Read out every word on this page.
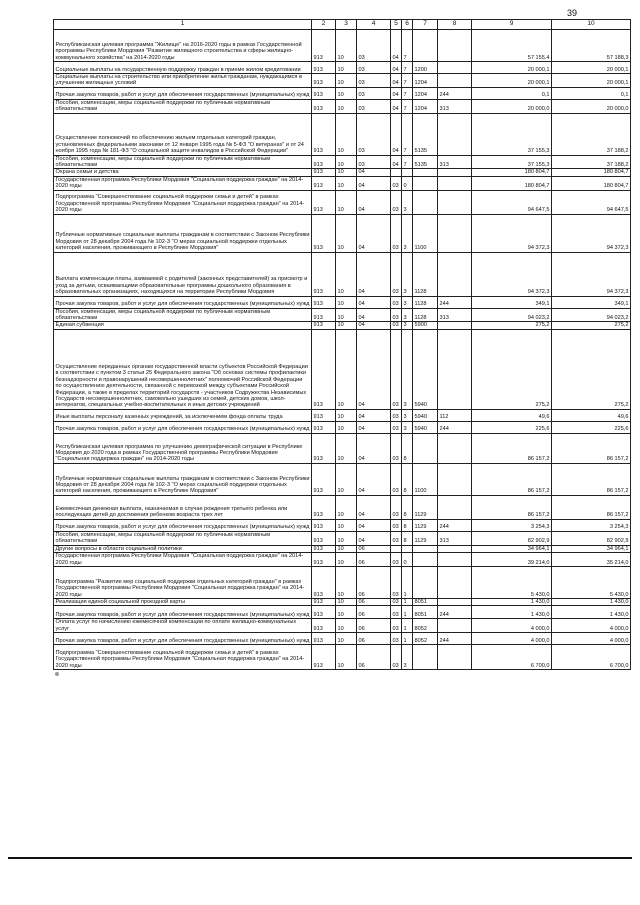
39
1	2	3	4	5	6	7	8	9	10
Республиканская целевая программа "Жилище" на 2016-2020 годы в рамках Государственной программы Республики Мордовия "Развитие жилищного строительства и сферы жилищно-коммунального хозяйства" на 2014-2020 годы	913	10	03	04	7			57 155,4	57 188,3
Социальные выплаты на государственную поддержку граждан в приеме жилом кредитовании	913	10	03	04	7	1200		20 000,1	20 000,1
Социальные выплаты на строительство или приобретение жилья гражданам, нуждающимся в улучшении жилищных условий	913	10	03	04	7	1204		20 000,1	20 000,1
Прочая закупка товаров, работ и услуг для обеспечения государственных (муниципальных) нужд	913	10	03	04	7	1204	244	0,1	0,1
Пособия, компенсации, меры социальной поддержки по публичным нормативным обязательствам	913	10	03	04	7	1204	313	20 000,0	20 000,0
Осуществление полномочий по обеспечению жильем отдельных категорий граждан, установленных федеральными законами от 12 января 1995 года № 5-ФЗ "О ветеранах" и от 24 ноября 1995 года № 181-ФЗ "О социальной защите инвалидов в Российской Федерации"	913	10	03	04	7	5135		37 155,3	37 188,2
Пособия, компенсации, меры социальной поддержки по публичным нормативным обязательствам	913	10	03	04	7	5135	313	37 155,3	37 188,2
Охрана семьи и детства	913	10	04					180 804,7	180 804,7
Государственная программа Республики Мордовия "Социальная поддержка граждан" на 2014-2020 годы	913	10	04	03	0			180 804,7	180 804,7
Подпрограмма "Совершенствование социальной поддержки семьи и детей" в рамках Государственной программы Республики Мордовия "Социальная поддержка граждан" на 2014-2020 годы	913	10	04	03	3			94 647,5	94 647,5
Публичные нормативные социальные выплаты гражданам в соответствии с Законом Республики Мордовия от 28 декабря 2004 года № 102-З "О мерах социальной поддержки отдельных категорий населения, проживающего в Республике Мордовия"	913	10	04	03	3	1100		94 372,3	94 372,3
Выплата компенсации платы, взимаемой с родителей (законных представителей) за присмотр и уход за детьми, осваивающими образовательные программы дошкольного образования в образовательных организациях, находящихся на территории Республики Мордовия	913	10	04	03	3	1128		94 372,3	94 372,3
Прочая закупка товаров, работ и услуг для обеспечения государственных (муниципальных) нужд	913	10	04	03	3	1128	244	349,1	349,1
Пособия, компенсации, меры социальной поддержки по публичным нормативным обязательствам	913	10	04	03	3	1128	313	94 023,2	94 023,2
Единая субвенция	913	10	04	03	3	5900		275,2	275,2
Осуществление переданных органам государственной власти субъектов Российской Федерации в соответствии с пунктом 3 статьи 25 Федерального закона "Об основах системы профилактики безнадзорности и правонарушений несовершеннолетних" полномочий Российской Федерации по осуществлению деятельности, связанной с перевозкой между субъектами Российской Федерации, а также в пределах территорий государств - участников Содружества Независимых Государств несовершеннолетних, самовольно ушедших из семей, детских домов, школ-интернатов, специальных учебно-воспитательных и иных детских учреждений	913	10	04	03	3	5940		275,2	275,2
Иные выплаты персоналу казенных учреждений, за исключением фонда оплаты труда	913	10	04	03	3	5940	112	49,6	49,6
Прочая закупка товаров, работ и услуг для обеспечения государственных (муниципальных) нужд	913	10	04	03	3	5940	244	225,6	225,6
Республиканская целевая программа по улучшению демографической ситуации в Республике Мордовия до 2020 года в рамках Государственной программы Республики Мордовия "Социальная поддержка граждан" на 2014-2020 годы	913	10	04	03	8			86 157,2	86 157,2
Публичные нормативные социальные выплаты гражданам в соответствии с Законом Республики Мордовия от 28 декабря 2004 года № 102-З "О мерах социальной поддержки отдельных категорий населения, проживающего в Республике Мордовия"	913	10	04	03	8	1100		86 157,2	86 157,2
Ежемесячная денежная выплата, назначаемая в случае рождения третьего ребенка или последующих детей до достижения ребенком возраста трех лет	913	10	04	03	8	1129		86 157,2	86 157,2
Прочая закупка товаров, работ и услуг для обеспечения государственных (муниципальных) нужд	913	10	04	03	8	1129	244	3 254,3	3 254,3
Пособия, компенсации, меры социальной поддержки по публичным нормативным обязательствам	913	10	04	03	8	1129	313	82 902,9	82 902,9
Другие вопросы в области социальной политики	913	10	06					34 964,1	34 964,1
Государственная программа Республики Мордовия "Социальная поддержка граждан" на 2014-2020 годы	913	10	06	03	0			39 214,0	35 214,0
Подпрограмма "Развитие мер социальной поддержки отдельных категорий граждан" в рамках Государственной программы Республики Мордовия "Социальная поддержка граждан" на 2014-2020 годы	913	10	06	03	1			5 430,0	5 430,0
Реализация единой социальной проездной карты	913	10	06	03	1	8051		1 430,0	1 430,0
Прочая закупка товаров, работ и услуг для обеспечения государственных (муниципальных) нужд	913	10	06	03	1	8051	244	1 430,0	1 430,0
Оплата услуг по начислению ежемесячной компенсации по оплате жилищно-коммунальных услуг	913	10	06	03	1	8052		4 000,0	4 000,0
Прочая закупка товаров, работ и услуг для обеспечения государственных (муниципальных) нужд	913	10	06	03	1	8052	244	4 000,0	4 000,0
Подпрограмма "Совершенствование социальной поддержки семьи и детей" в рамках Государственной программы Республики Мордовия "Социальная поддержка граждан" на 2014-2020 годы	913	10	06	03	3			6 700,0	6 700,0
